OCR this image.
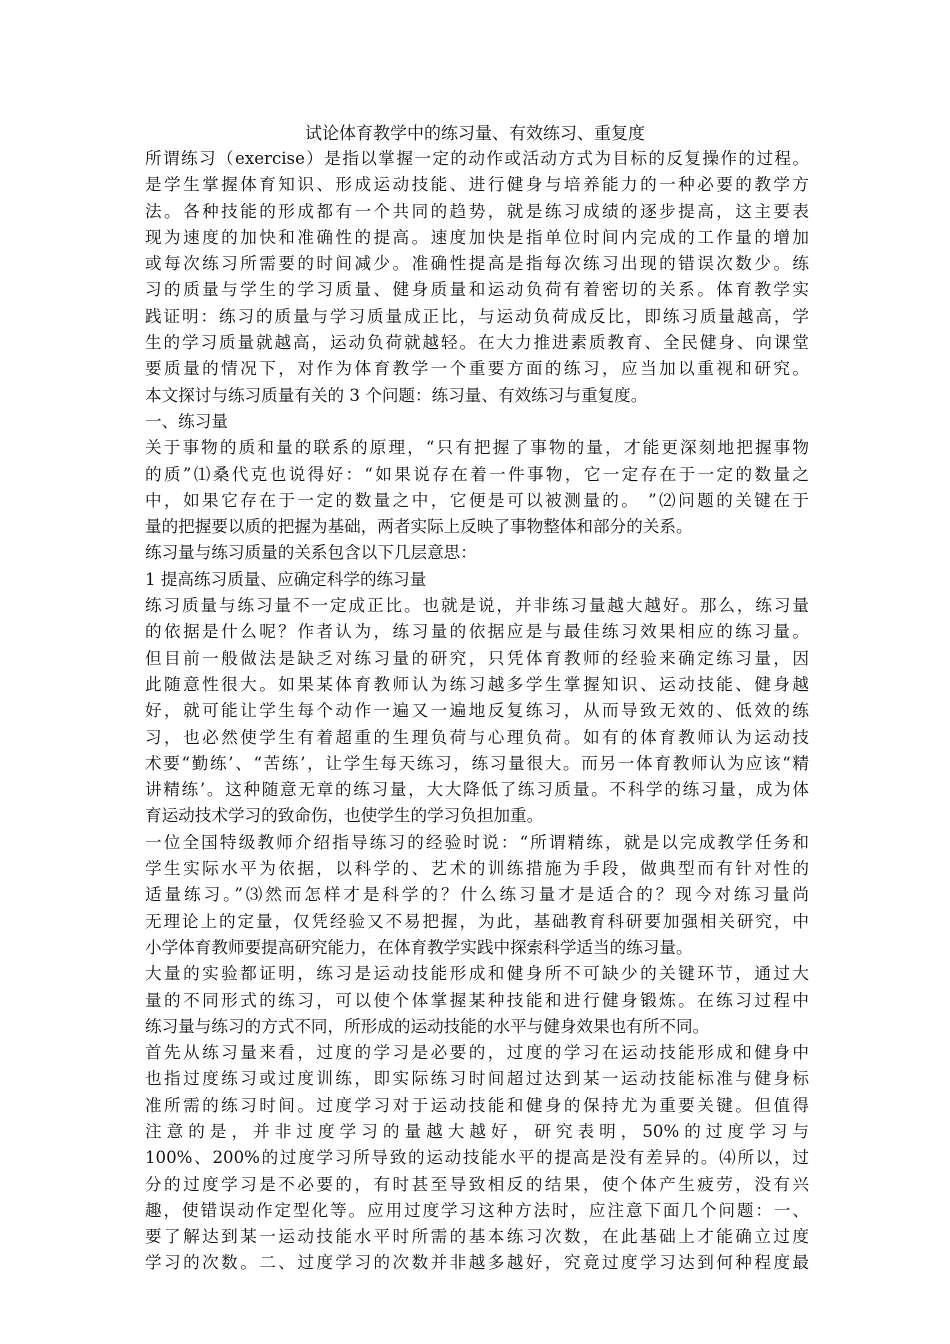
试论体育教学中的练习量、有效练习、重复度
所谓练习（exercise）是指以掌握一定的动作或活动方式为目标的反复操作的过程。
是学生掌握体育知识、形成运动技能、进行健身与培养能力的一种必要的教学方
法。各种技能的形成都有一个共同的趋势，就是练习成绩的逐步提高，这主要表
现为速度的加快和准确性的提高。速度加快是指单位时间内完成的工作量的增加
或每次练习所需要的时间减少。准确性提高是指每次练习出现的错误次数少。练
习的质量与学生的学习质量、健身质量和运动负荷有着密切的关系。体育教学实
践证明：练习的质量与学习质量成正比，与运动负荷成反比，即练习质量越高，学
生的学习质量就越高，运动负荷就越轻。在大力推进素质教育、全民健身、向课堂
要质量的情况下，对作为体育教学一个重要方面的练习，应当加以重视和研究。
本文探讨与练习质量有关的 3 个问题：练习量、有效练习与重复度。
一、练习量
关于事物的质和量的联系的原理，“只有把握了事物的量，才能更深刻地把握事物
的质”⑴桑代克也说得好：“如果说存在着一件事物，它一定存在于一定的数量之
中，如果它存在于一定的数量之中，它便是可以被测量的。 ”⑵问题的关键在于
量的把握要以质的把握为基础，两者实际上反映了事物整体和部分的关系。
练习量与练习质量的关系包含以下几层意思：
1 提高练习质量、应确定科学的练习量
练习质量与练习量不一定成正比。也就是说，并非练习量越大越好。那么，练习量
的依据是什么呢？作者认为，练习量的依据应是与最佳练习效果相应的练习量。
但目前一般做法是缺乏对练习量的研究，只凭体育教师的经验来确定练习量，因
此随意性很大。如果某体育教师认为练习越多学生掌握知识、运动技能、健身越
好，就可能让学生每个动作一遍又一遍地反复练习，从而导致无效的、低效的练
习，也必然使学生有着超重的生理负荷与心理负荷。如有的体育教师认为运动技
术要“勤练’、“苦练’，让学生每天练习，练习量很大。而另一体育教师认为应该“精
讲精练’。这种随意无章的练习量，大大降低了练习质量。不科学的练习量，成为体
育运动技术学习的致命伤，也使学生的学习负担加重。
一位全国特级教师介绍指导练习的经验时说：“所谓精练，就是以完成教学任务和
学生实际水平为依据，以科学的、艺术的训练措施为手段，做典型而有针对性的
适量练习。”⑶然而怎样才是科学的？什么练习量才是适合的？现今对练习量尚
无理论上的定量，仅凭经验又不易把握，为此，基础教育科研要加强相关研究，中
小学体育教师要提高研究能力，在体育教学实践中探索科学适当的练习量。
大量的实验都证明，练习是运动技能形成和健身所不可缺少的关键环节，通过大
量的不同形式的练习，可以使个体掌握某种技能和进行健身锻炼。在练习过程中
练习量与练习的方式不同，所形成的运动技能的水平与健身效果也有所不同。
首先从练习量来看，过度的学习是必要的，过度的学习在运动技能形成和健身中
也指过度练习或过度训练，即实际练习时间超过达到某一运动技能标准与健身标
准所需的练习时间。过度学习对于运动技能和健身的保持尤为重要关键。但值得
注意的是，并非过度学习的量越大越好，研究表明，50%的过度学习与
100%、200%的过度学习所导致的运动技能水平的提高是没有差异的。⑷所以，过
分的过度学习是不必要的，有时甚至导致相反的结果，使个体产生疲劳，没有兴
趣，使错误动作定型化等。应用过度学习这种方法时，应注意下面几个问题：一、
要了解达到某一运动技能水平时所需的基本练习次数，在此基础上才能确立过度
学习的次数。二、过度学习的次数并非越多越好，究竟过度学习达到何种程度最
